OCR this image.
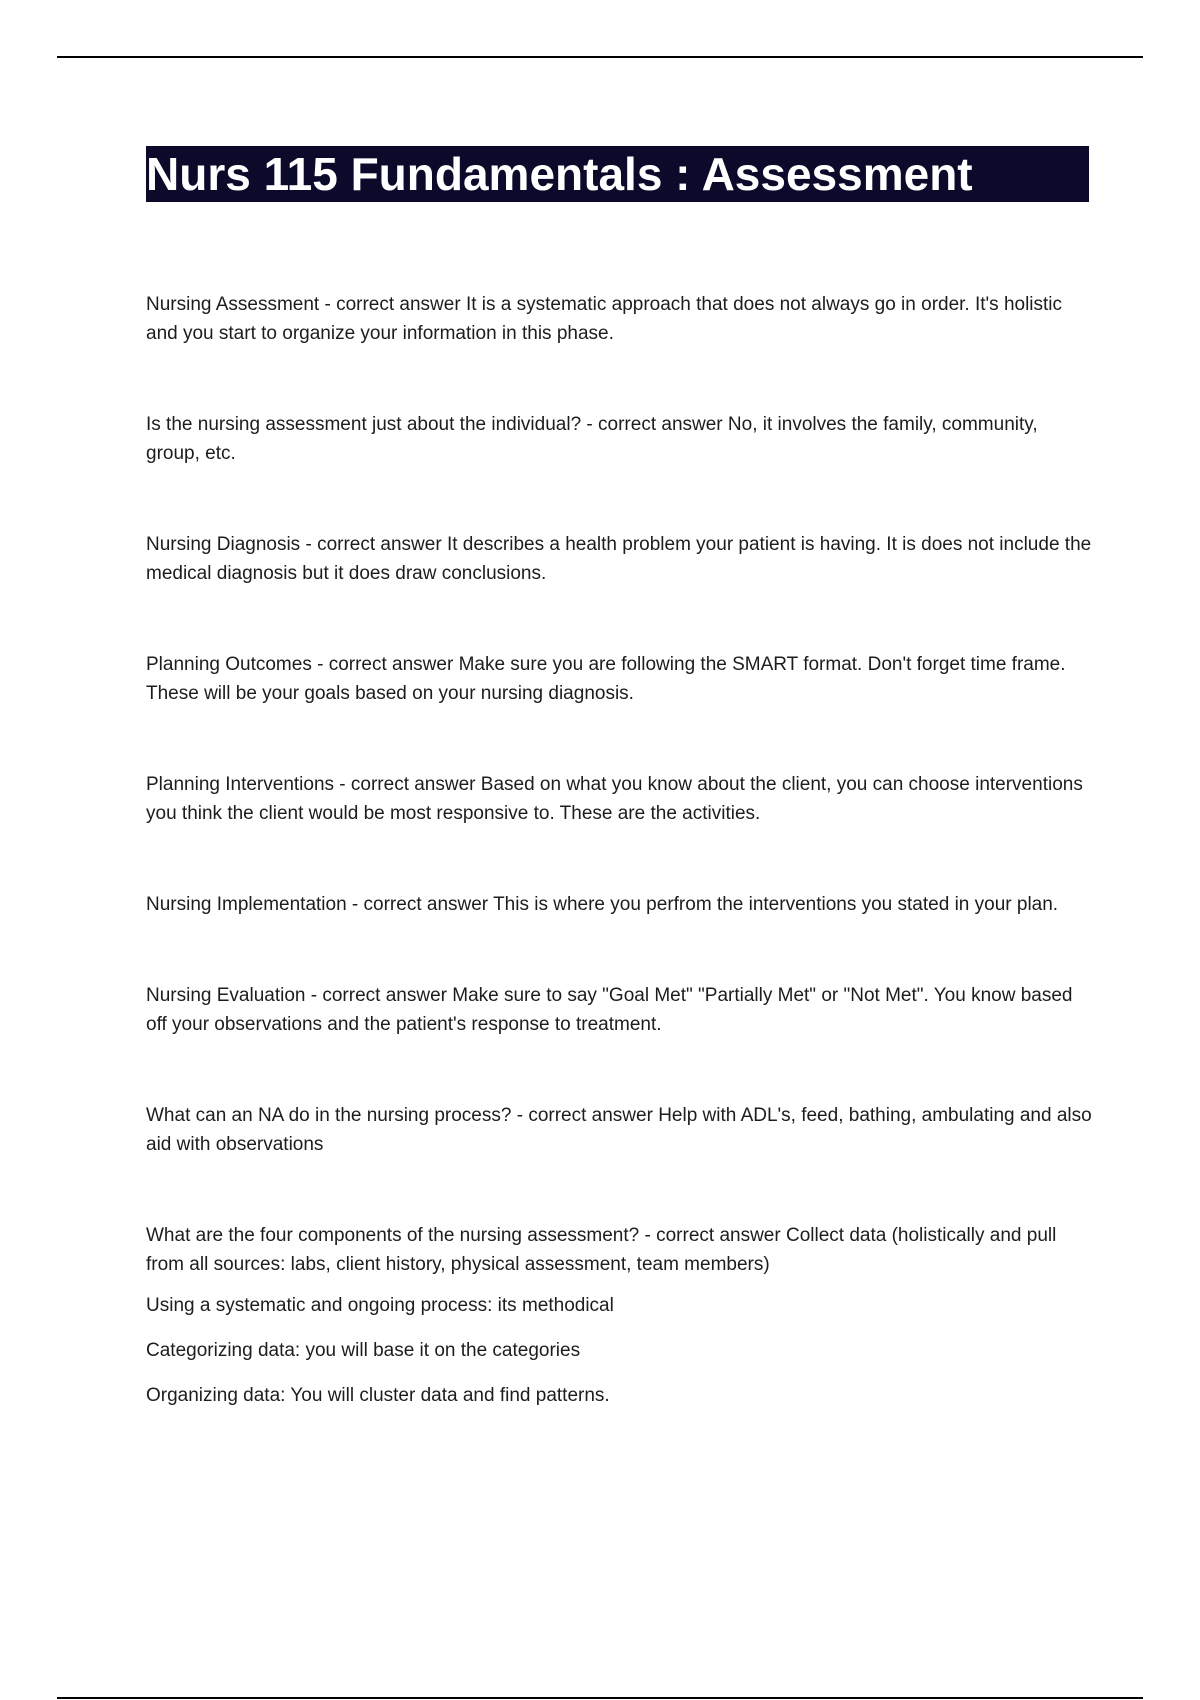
Nurs 115 Fundamentals : Assessment

Nursing Assessment - correct answer It is a systematic approach that does not always go in order. It's holistic and you start to organize your information in this phase.

Is the nursing assessment just about the individual? - correct answer No, it involves the family, community, group, etc.

Nursing Diagnosis - correct answer It describes a health problem your patient is having. It is does not include the medical diagnosis but it does draw conclusions.

Planning Outcomes - correct answer Make sure you are following the SMART format. Don't forget time frame. These will be your goals based on your nursing diagnosis.

Planning Interventions - correct answer Based on what you know about the client, you can choose interventions you think the client would be most responsive to. These are the activities.

Nursing Implementation - correct answer This is where you perfrom the interventions you stated in your plan.

Nursing Evaluation - correct answer Make sure to say "Goal Met" "Partially Met" or "Not Met". You know based off your observations and the patient's response to treatment.

What can an NA do in the nursing process? - correct answer Help with ADL's, feed, bathing, ambulating and also aid with observations

What are the four components of the nursing assessment? - correct answer Collect data (holistically and pull from all sources: labs, client history, physical assessment, team members)

Using a systematic and ongoing process: its methodical

Categorizing data: you will base it on the categories

Organizing data: You will cluster data and find patterns.
